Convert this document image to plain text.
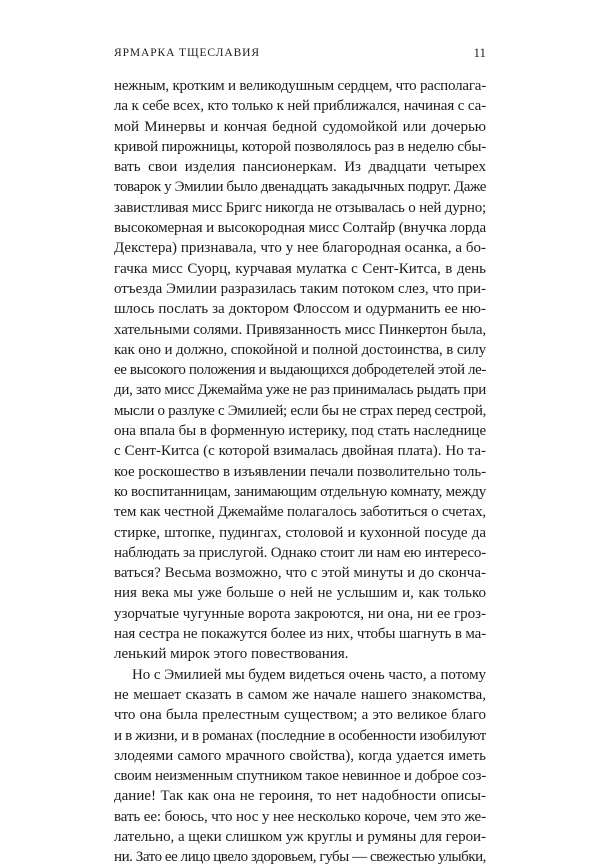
ЯРМАРКА ТЩЕСЛАВИЯ	11
нежным, кротким и великодушным сердцем, что располага-
ла к себе всех, кто только к ней приближался, начиная с са-
мой Минервы и кончая бедной судомойкой или дочерью
кривой пирожницы, которой позволялось раз в неделю сбы-
вать свои изделия пансионеркам. Из двадцати четырех
товарок у Эмилии было двенадцать закадычных подруг. Даже
завистливая мисс Бригс никогда не отзывалась о ней дурно;
высокомерная и высокородная мисс Солтайр (внучка лорда
Декстера) признавала, что у нее благородная осанка, а бо-
гачка мисс Суорц, курчавая мулатка с Сент-Китса, в день
отъезда Эмилии разразилась таким потоком слез, что при-
шлось послать за доктором Флоссом и одурманить ее ню-
хательными солями. Привязанность мисс Пинкертон была,
как оно и должно, спокойной и полной достоинства, в силу
ее высокого положения и выдающихся добродетелей этой ле-
ди, зато мисс Джемайма уже не раз принималась рыдать при
мысли о разлуке с Эмилией; если бы не страх перед сестрой,
она впала бы в форменную истерику, под стать наследнице
с Сент-Китса (с которой взималась двойная плата). Но та-
кое роскошество в изъявлении печали позволительно толь-
ко воспитанницам, занимающим отдельную комнату, между
тем как честной Джемайме полагалось заботиться о счетах,
стирке, штопке, пудингах, столовой и кухонной посуде да
наблюдать за прислугой. Однако стоит ли нам ею интересо-
ваться? Весьма возможно, что с этой минуты и до сконча-
ния века мы уже больше о ней не услышим и, как только
узорчатые чугунные ворота закроются, ни она, ни ее гроз-
ная сестра не покажутся более из них, чтобы шагнуть в ма-
ленький мирок этого повествования.
Но с Эмилией мы будем видеться очень часто, а потому
не мешает сказать в самом же начале нашего знакомства,
что она была прелестным существом; а это великое благо
и в жизни, и в романах (последние в особенности изобилуют
злодеями самого мрачного свойства), когда удается иметь
своим неизменным спутником такое невинное и доброе соз-
дание! Так как она не героиня, то нет надобности описы-
вать ее: боюсь, что нос у нее несколько короче, чем это же-
лательно, а щеки слишком уж круглы и румяны для герои-
ни. Зато ее лицо цвело здоровьем, губы — свежестью улыбки,
